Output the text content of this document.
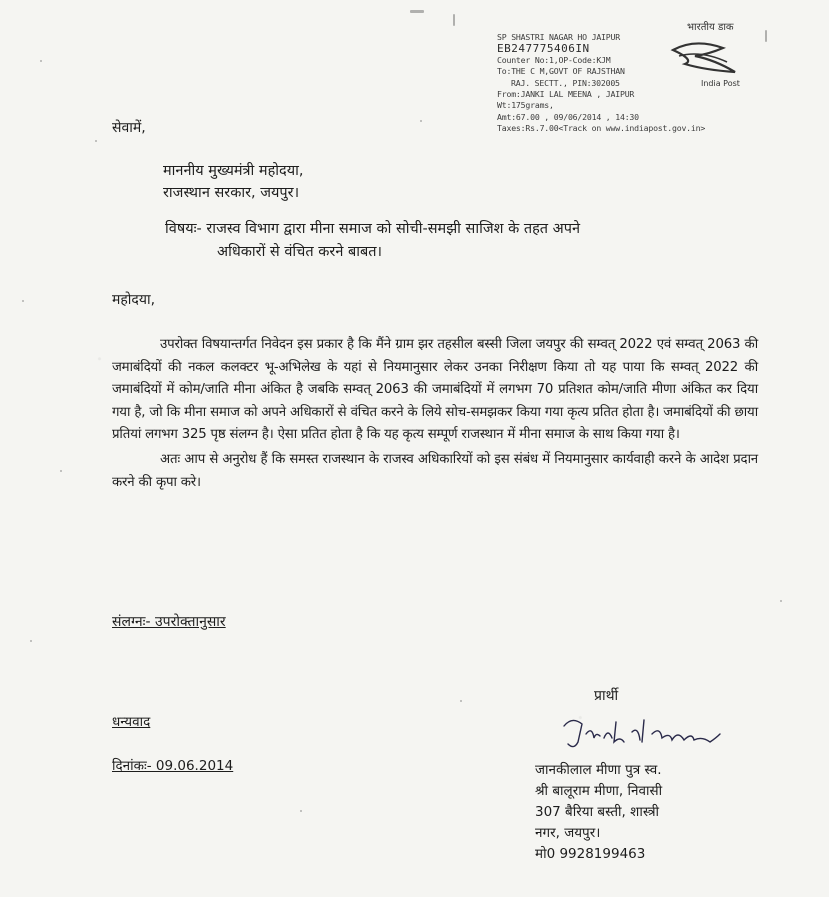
भारतीय डाक
India Post
SP SHASTRI NAGAR HO JAIPUR
EB247775406IN
Counter No:1,OP-Code:KJM
To:THE C M,GOVT OF RAJSTHAN
RAJ. SECTT., PIN:302005
From:JANKI LAL MEENA , JAIPUR
Wt:175grams,
Amt:67.00 , 09/06/2014 , 14:30
Taxes:Rs.7.00<Track on www.indiapost.gov.in>
सेवामें,
माननीय मुख्यमंत्री महोदया,
राजस्थान सरकार, जयपुर।
विषयः- राजस्व विभाग द्वारा मीना समाज को सोची-समझी साजिश के तहत अपने
अधिकारों से वंचित करने बाबत।
महोदया,

उपरोक्त विषयान्तर्गत निवेदन इस प्रकार है कि मैंने ग्राम झर तहसील बस्सी जिला जयपुर की सम्वत् 2022 एवं सम्वत् 2063 की जमाबंदियों की नकल कलक्टर भू-अभिलेख के यहां से नियमानुसार लेकर उनका निरीक्षण किया तो यह पाया कि सम्वत् 2022 की जमाबंदियों में कोम/जाति मीना अंकित है जबकि सम्वत् 2063 की जमाबंदियों में लगभग 70 प्रतिशत कोम/जाति मीणा अंकित कर दिया गया है, जो कि मीना समाज को अपने अधिकारों से वंचित करने के लिये सोच-समझकर किया गया कृत्य प्रतित होता है। जमाबंदियों की छाया प्रतियां लगभग 325 पृष्ठ संलग्न है। ऐसा प्रतित होता है कि यह कृत्य सम्पूर्ण राजस्थान में मीना समाज के साथ किया गया है।

अतः आप से अनुरोध हैं कि समस्त राजस्थान के राजस्व अधिकारियों को इस संबंध में नियमानुसार कार्यवाही करने के आदेश प्रदान करने की कृपा करे।

संलग्नः- उपरोक्तानुसार
प्रार्थी
धन्यवाद
दिनांकः- 09.06.2014	जानकीलाल मीणा पुत्र स्व.
श्री बालूराम मीणा, निवासी
307 बैरिया बस्ती, शास्त्री
नगर, जयपुर।
मो0 9928199463
